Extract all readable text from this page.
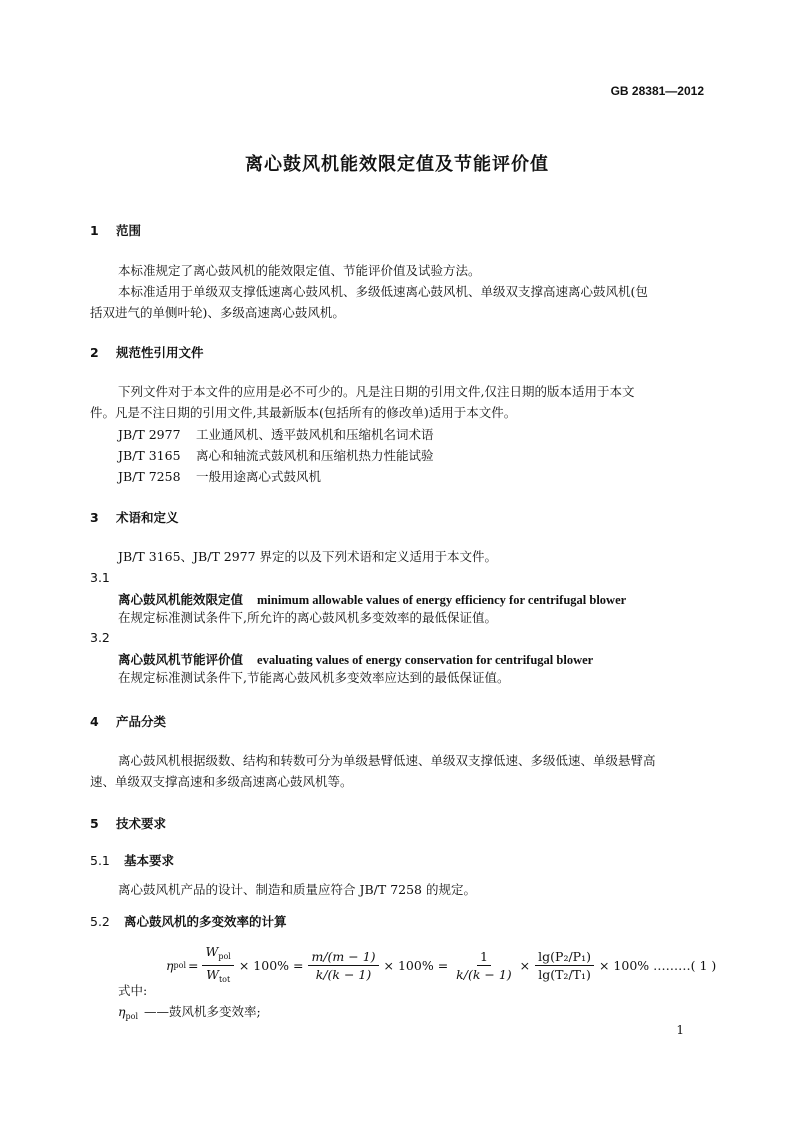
GB 28381—2012
离心鼓风机能效限定值及节能评价值
1 范围
本标准规定了离心鼓风机的能效限定值、节能评价值及试验方法。
本标准适用于单级双支撑低速离心鼓风机、多级低速离心鼓风机、单级双支撑高速离心鼓风机(包
括双进气的单侧叶轮)、多级高速离心鼓风机。
2 规范性引用文件
下列文件对于本文件的应用是必不可少的。凡是注日期的引用文件,仅注日期的版本适用于本文
件。凡是不注日期的引用文件,其最新版本(包括所有的修改单)适用于本文件。
JB/T 2977 工业通风机、透平鼓风机和压缩机名词术语
JB/T 3165 离心和轴流式鼓风机和压缩机热力性能试验
JB/T 7258 一般用途离心式鼓风机
3 术语和定义
JB/T 3165、JB/T 2977 界定的以及下列术语和定义适用于本文件。
3.1
离心鼓风机能效限定值 minimum allowable values of energy efficiency for centrifugal blower
在规定标准测试条件下,所允许的离心鼓风机多变效率的最低保证值。
3.2
离心鼓风机节能评价值 evaluating values of energy conservation for centrifugal blower
在规定标准测试条件下,节能离心鼓风机多变效率应达到的最低保证值。
4 产品分类
离心鼓风机根据级数、结构和转数可分为单级悬臂低速、单级双支撑低速、多级低速、单级悬臂高
速、单级双支撑高速和多级高速离心鼓风机等。
5 技术要求
5.1 基本要求
离心鼓风机产品的设计、制造和质量应符合 JB/T 7258 的规定。
5.2 离心鼓风机的多变效率的计算
η pol = $\frac{W_{pol}}{W_{tot}} \times 100\% = \frac{m/(m - 1)}{k/(k - 1)} \times 100\% = \frac{1}{k/(k - 1)} \times \frac{\text{lg(P₂/P₁)}}{\text{lg(T₂/T₁)}} \times 100\%$ ………( 1 )
式中:
$\eta_{pol}$ ——鼓风机多变效率;
1
